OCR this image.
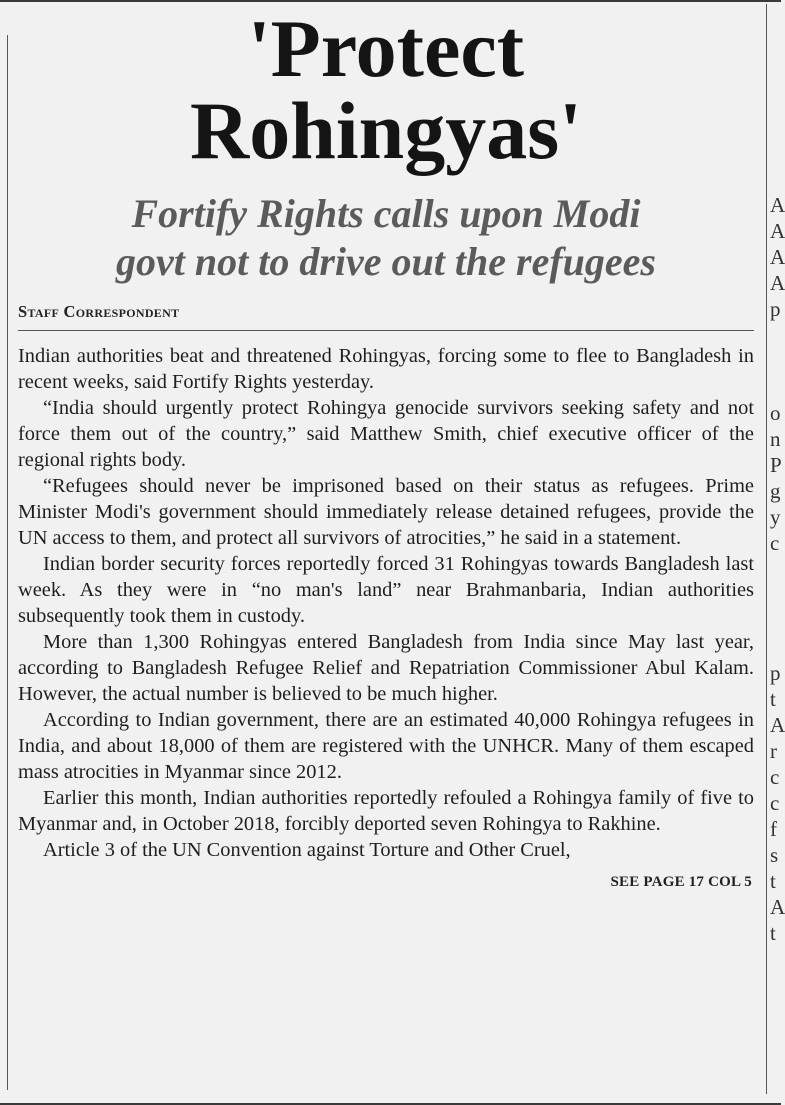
A
A
A
A
p
o
n
P
g
y
c
p
t
A
r
c
c
f
s
t
A
t
'Protect
Rohingyas'
Fortify Rights calls upon Modi
govt not to drive out the refugees
Staff Correspondent

Indian authorities beat and threatened Rohingyas, forcing some to flee to Bangladesh in recent weeks, said Fortify Rights yesterday.

“India should urgently protect Rohingya genocide survivors seeking safety and not force them out of the country,” said Matthew Smith, chief executive officer of the regional rights body.

“Refugees should never be imprisoned based on their status as refugees. Prime Minister Modi's government should immediately release detained refugees, provide the UN access to them, and protect all survivors of atrocities,” he said in a statement.

Indian border security forces reportedly forced 31 Rohingyas towards Bangladesh last week. As they were in “no man's land” near Brahmanbaria, Indian authorities subsequently took them in custody.

More than 1,300 Rohingyas entered Bangladesh from India since May last year, according to Bangladesh Refugee Relief and Repatriation Commissioner Abul Kalam. However, the actual number is believed to be much higher.

According to Indian government, there are an estimated 40,000 Rohingya refugees in India, and about 18,000 of them are registered with the UNHCR. Many of them escaped mass atrocities in Myanmar since 2012.

Earlier this month, Indian authorities reportedly refouled a Rohingya family of five to Myanmar and, in October 2018, forcibly deported seven Rohingya to Rakhine.

Article 3 of the UN Convention against Torture and Other Cruel,

SEE PAGE 17 COL 5
